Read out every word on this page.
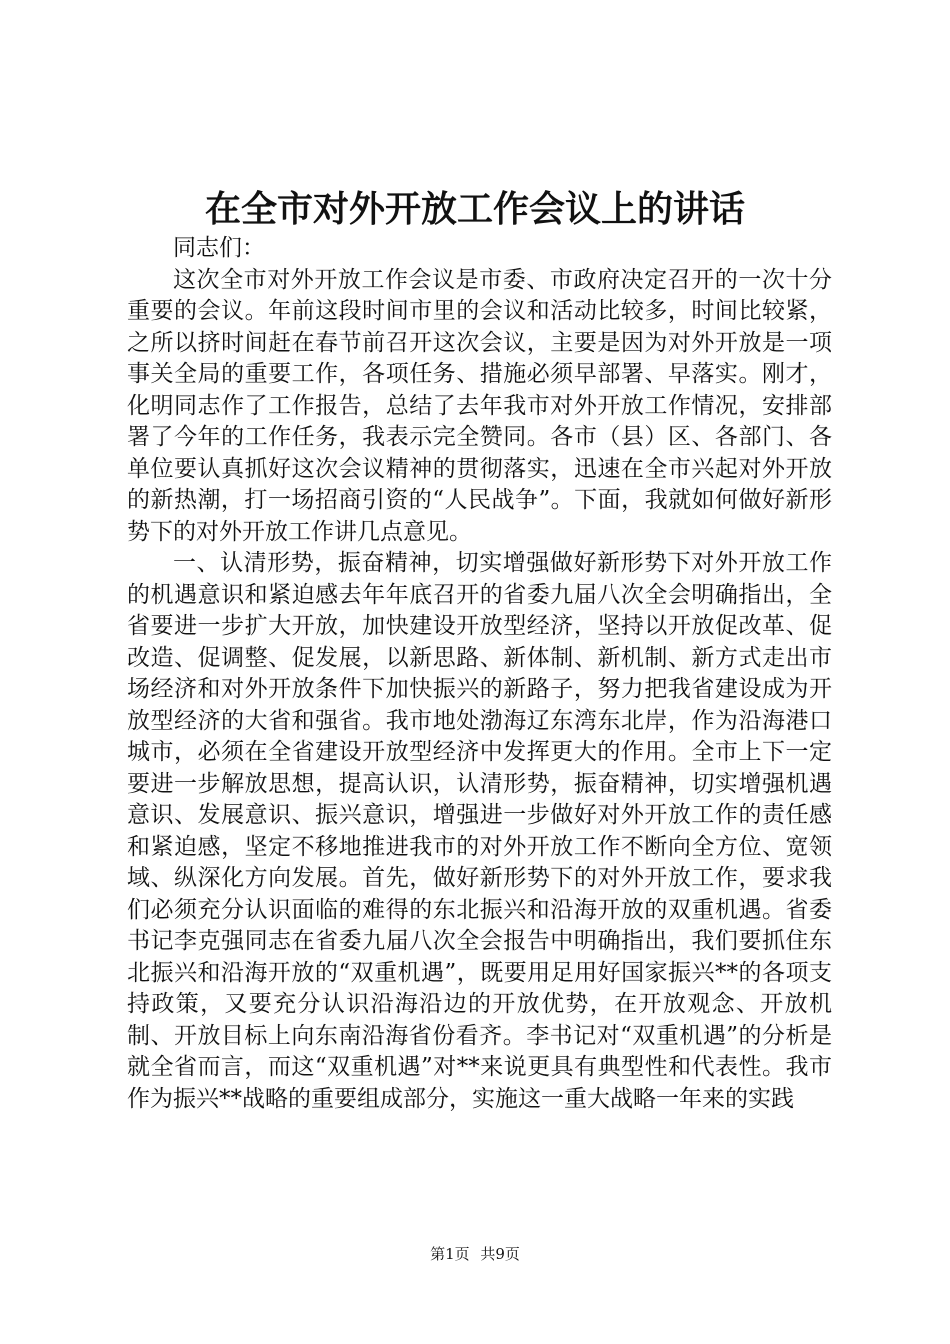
在全市对外开放工作会议上的讲话

同志们：

这次全市对外开放工作会议是市委、市政府决定召开的一次十分重要的会议。年前这段时间市里的会议和活动比较多，时间比较紧，之所以挤时间赶在春节前召开这次会议，主要是因为对外开放是一项事关全局的重要工作，各项任务、措施必须早部署、早落实。刚才，化明同志作了工作报告，总结了去年我市对外开放工作情况，安排部署了今年的工作任务，我表示完全赞同。各市（县）区、各部门、各单位要认真抓好这次会议精神的贯彻落实，迅速在全市兴起对外开放的新热潮，打一场招商引资的“人民战争”。下面，我就如何做好新形势下的对外开放工作讲几点意见。

一、认清形势，振奋精神，切实增强做好新形势下对外开放工作的机遇意识和紧迫感去年年底召开的省委九届八次全会明确指出，全省要进一步扩大开放，加快建设开放型经济，坚持以开放促改革、促改造、促调整、促发展，以新思路、新体制、新机制、新方式走出市场经济和对外开放条件下加快振兴的新路子，努力把我省建设成为开放型经济的大省和强省。我市地处渤海辽东湾东北岸，作为沿海港口城市，必须在全省建设开放型经济中发挥更大的作用。全市上下一定要进一步解放思想，提高认识，认清形势，振奋精神，切实增强机遇意识、发展意识、振兴意识，增强进一步做好对外开放工作的责任感和紧迫感，坚定不移地推进我市的对外开放工作不断向全方位、宽领域、纵深化方向发展。首先，做好新形势下的对外开放工作，要求我们必须充分认识面临的难得的东北振兴和沿海开放的双重机遇。省委书记李克强同志在省委九届八次全会报告中明确指出，我们要抓住东北振兴和沿海开放的“双重机遇”，既要用足用好国家振兴**的各项支持政策，又要充分认识沿海沿边的开放优势，在开放观念、开放机制、开放目标上向东南沿海省份看齐。李书记对“双重机遇”的分析是就全省而言，而这“双重机遇”对**来说更具有典型性和代表性。我市作为振兴**战略的重要组成部分，实施这一重大战略一年来的实践

第1页 共9页
